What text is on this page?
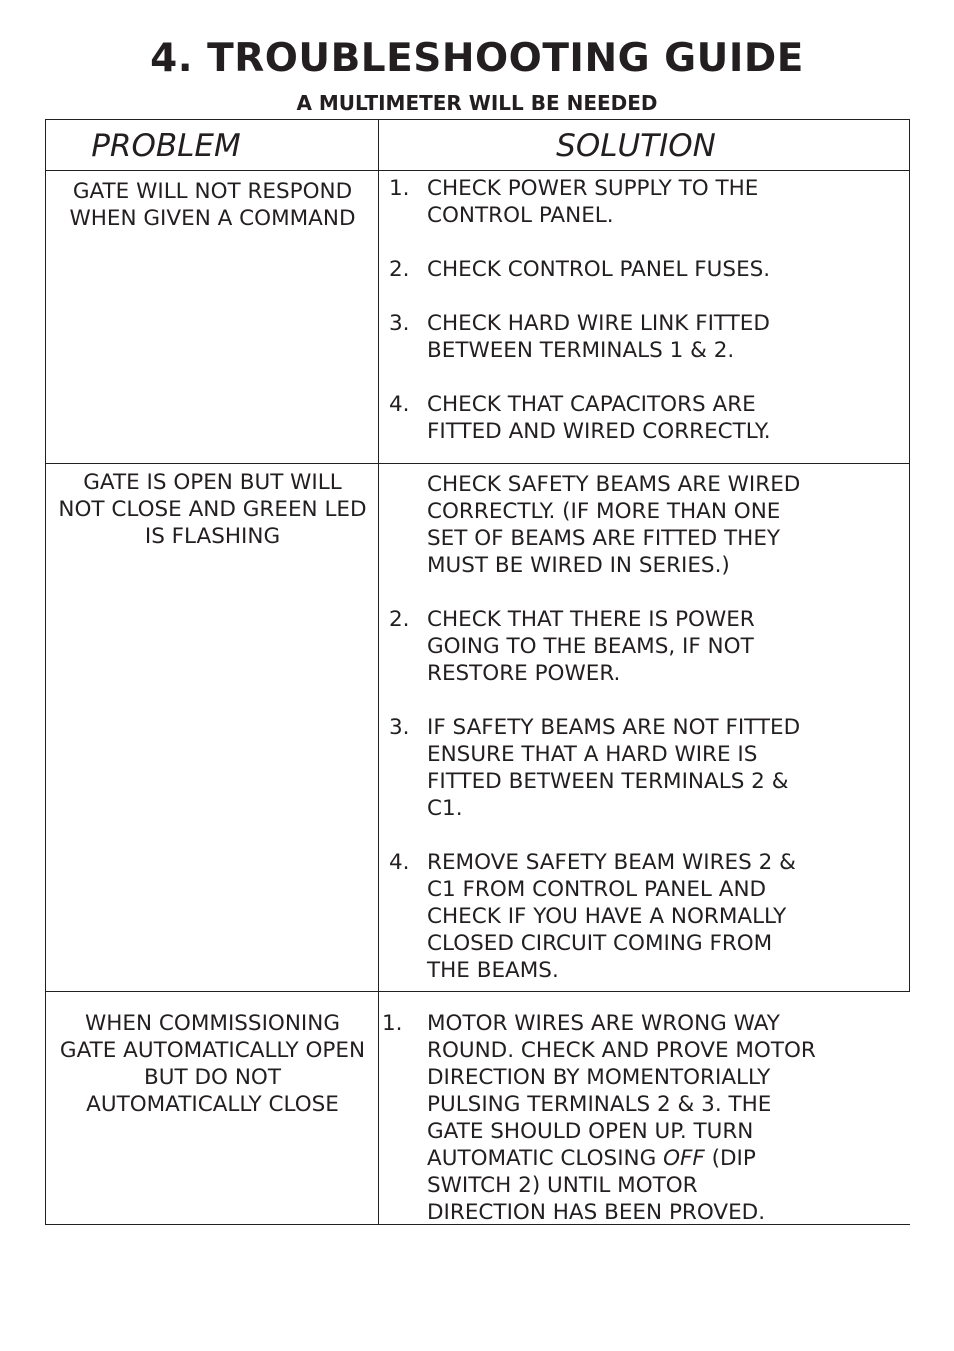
4. TROUBLESHOOTING GUIDE
A MULTIMETER WILL BE NEEDED
PROBLEM	SOLUTION
GATE WILL NOT RESPOND
WHEN GIVEN A COMMAND
1. CHECK POWER SUPPLY TO THE
CONTROL PANEL.
2. CHECK CONTROL PANEL FUSES.
3. CHECK HARD WIRE LINK FITTED
BETWEEN TERMINALS 1 & 2.
4. CHECK THAT CAPACITORS ARE
FITTED AND WIRED CORRECTLY.
GATE IS OPEN BUT WILL
NOT CLOSE AND GREEN LED
IS FLASHING
CHECK SAFETY BEAMS ARE WIRED
CORRECTLY. (IF MORE THAN ONE
SET OF BEAMS ARE FITTED THEY
MUST BE WIRED IN SERIES.)
2. CHECK THAT THERE IS POWER
GOING TO THE BEAMS, IF NOT
RESTORE POWER.
3. IF SAFETY BEAMS ARE NOT FITTED
ENSURE THAT A HARD WIRE IS
FITTED BETWEEN TERMINALS 2 &
C1.
4. REMOVE SAFETY BEAM WIRES 2 &
C1 FROM CONTROL PANEL AND
CHECK IF YOU HAVE A NORMALLY
CLOSED CIRCUIT COMING FROM
THE BEAMS.
WHEN COMMISSIONING
GATE AUTOMATICALLY OPEN
BUT DO NOT
AUTOMATICALLY CLOSE
1. MOTOR WIRES ARE WRONG WAY
ROUND. CHECK AND PROVE MOTOR
DIRECTION BY MOMENTORIALLY
PULSING TERMINALS 2 & 3. THE
GATE SHOULD OPEN UP. TURN
AUTOMATIC CLOSING OFF (DIP
SWITCH 2) UNTIL MOTOR
DIRECTION HAS BEEN PROVED.
